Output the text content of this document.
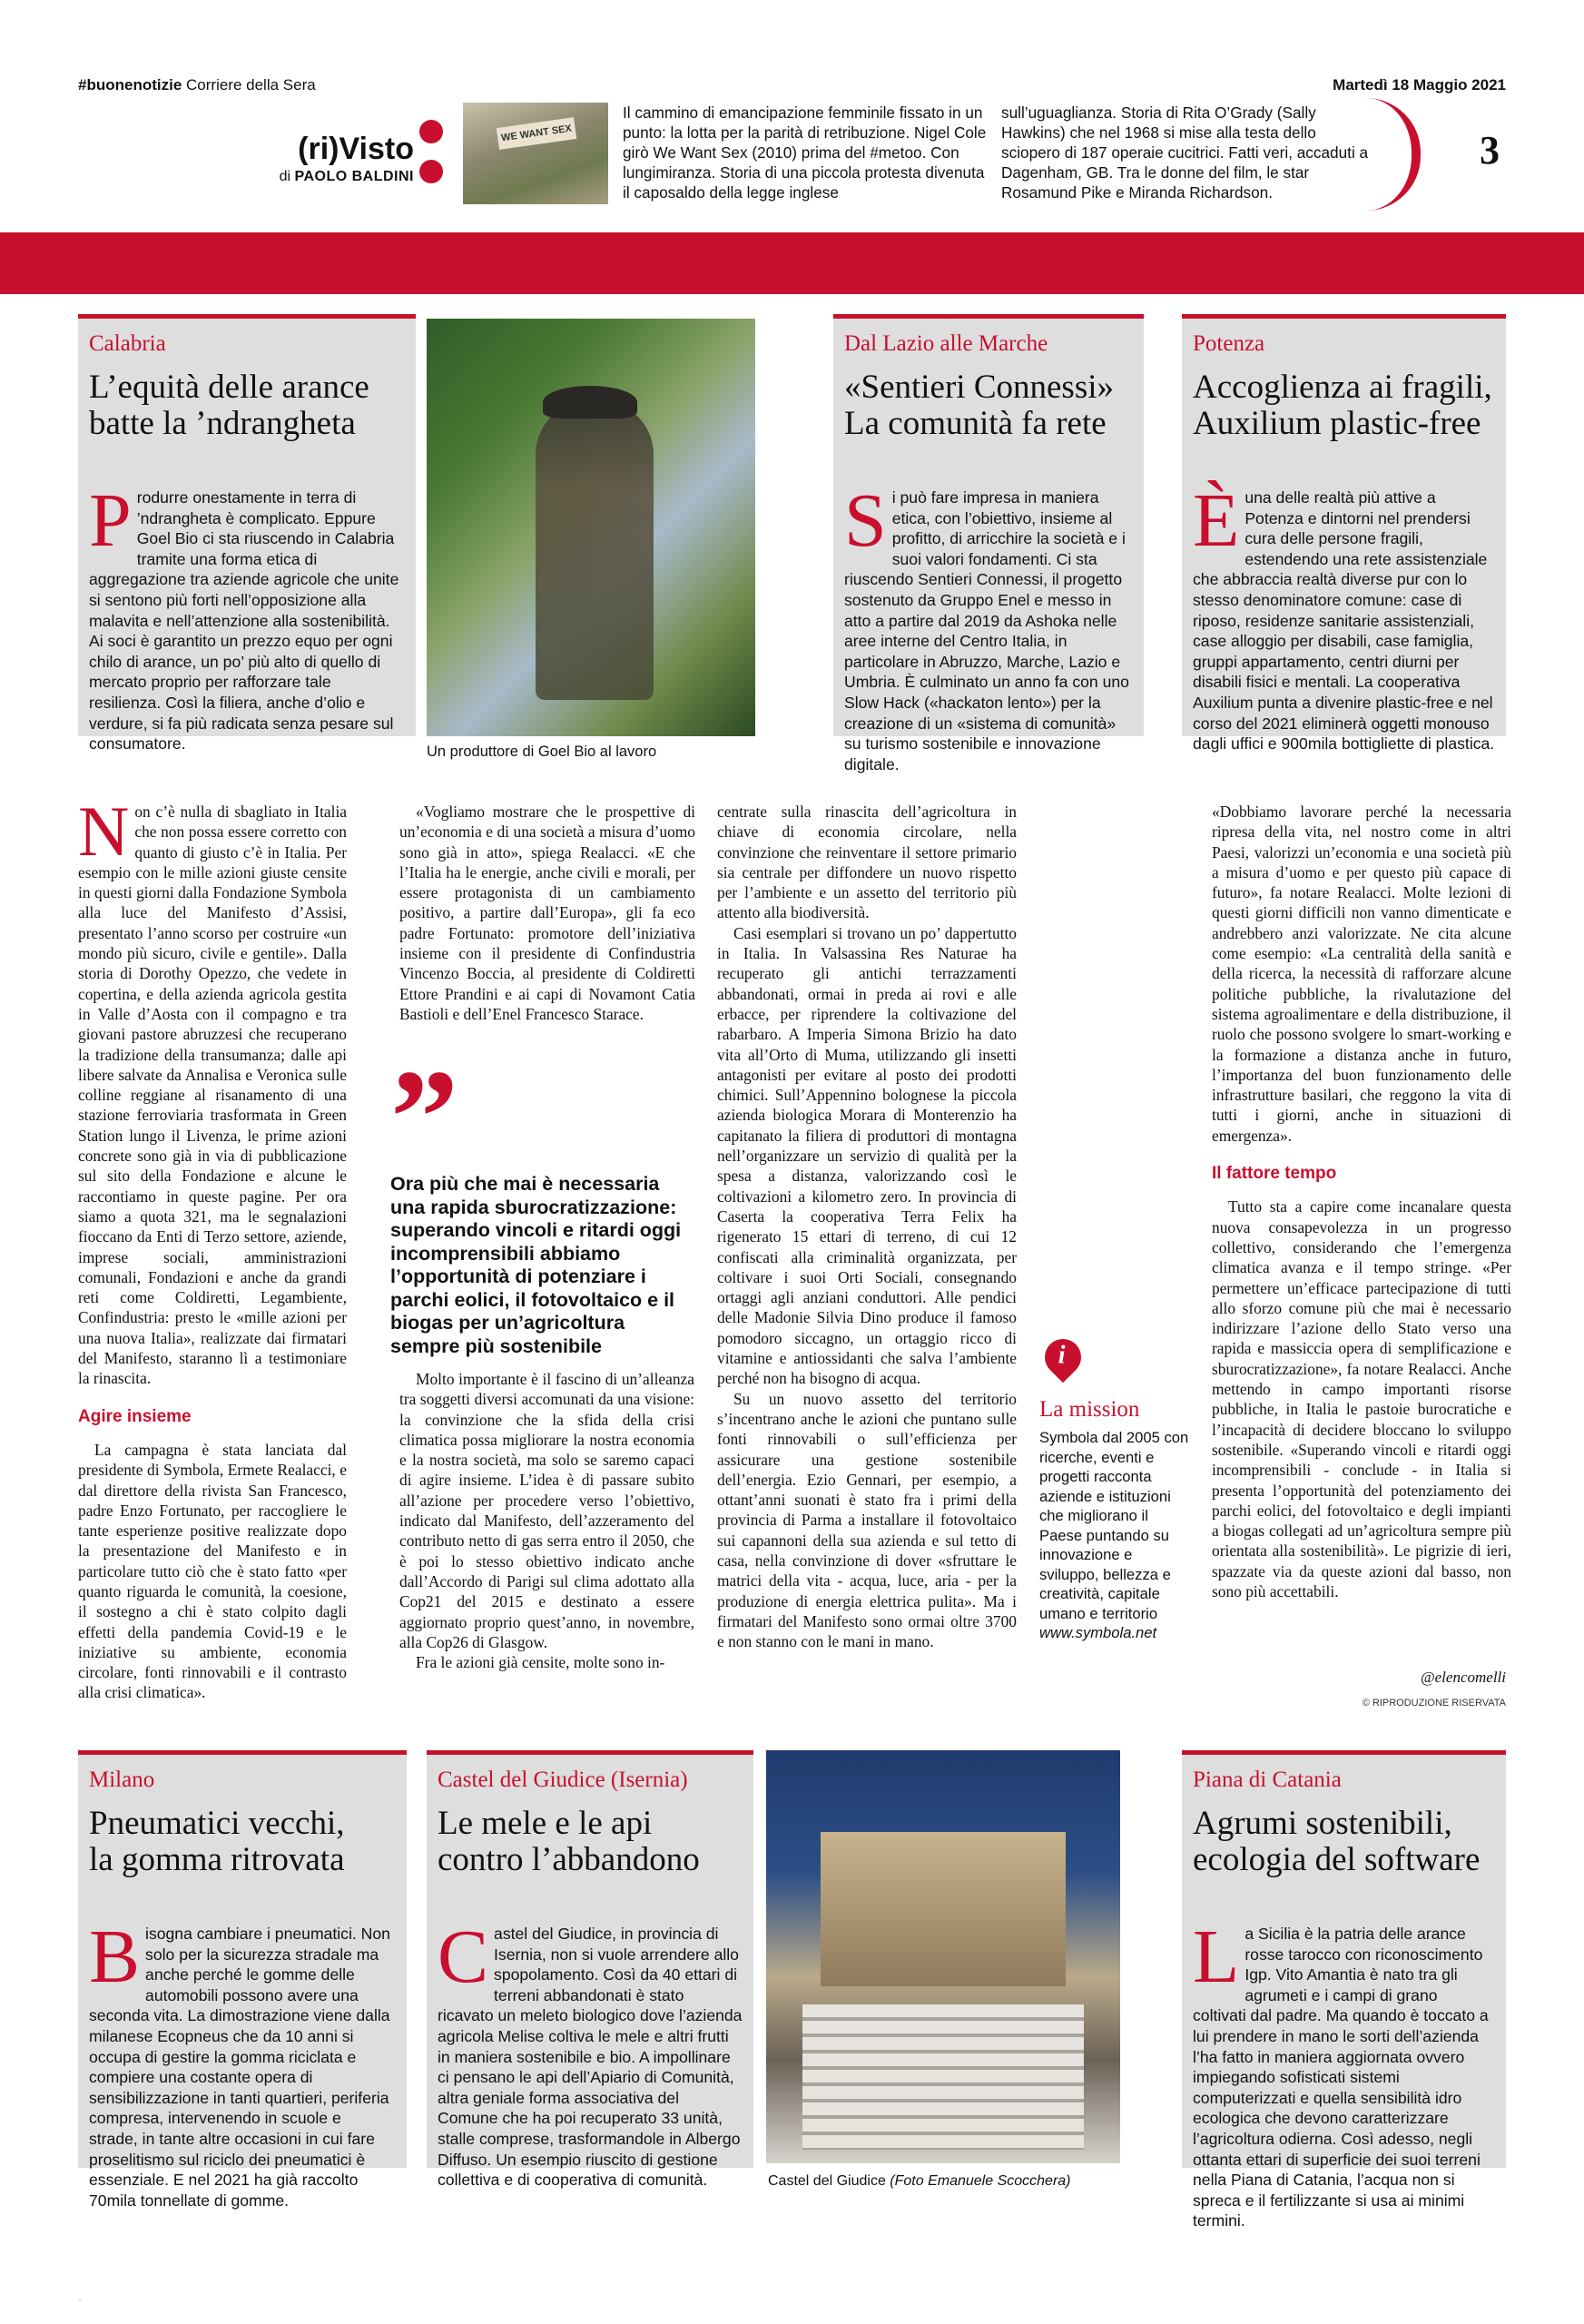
#buonenotizie Corriere della Sera	Martedì 18 Maggio 2021
(ri)Visto
di PAOLO BALDINI
WE WANT SEX
Il cammino di emancipazione femminile fissato in un punto: la lotta per la parità di retribuzione. Nigel Cole girò We Want Sex (2010) prima del #metoo. Con lungimiranza. Storia di una piccola protesta divenuta il caposaldo della legge inglese
sull’uguaglianza. Storia di Rita O’Grady (Sally Hawkins) che nel 1968 si mise alla testa dello sciopero di 187 operaie cucitrici. Fatti veri, accaduti a Dagenham, GB. Tra le donne del film, le star Rosamund Pike e Miranda Richardson.
3
Calabria
L’equità delle arance
batte la ’ndrangheta
Produrre onestamente in terra di ’ndrangheta è complicato. Eppure Goel Bio ci sta riuscendo in Calabria tramite una forma etica di aggregazione tra aziende agricole che unite si sentono più forti nell’opposizione alla malavita e nell’attenzione alla sostenibilità. Ai soci è garantito un prezzo equo per ogni chilo di arance, un po’ più alto di quello di mercato proprio per rafforzare tale resilienza. Così la filiera, anche d’olio e verdure, si fa più radicata senza pesare sul consumatore.	Un produttore di Goel Bio al lavoro
Dal Lazio alle Marche
«Sentieri Connessi»
La comunità fa rete
Si può fare impresa in maniera etica, con l’obiettivo, insieme al profitto, di arricchire la società e i suoi valori fondamenti. Ci sta riuscendo Sentieri Connessi, il progetto sostenuto da Gruppo Enel e messo in atto a partire dal 2019 da Ashoka nelle aree interne del Centro Italia, in particolare in Abruzzo, Marche, Lazio e Umbria. È culminato un anno fa con uno Slow Hack («hackaton lento») per la creazione di un «sistema di comunità» su turismo sostenibile e innovazione digitale.
Potenza
Accoglienza ai fragili,
Auxilium plastic-free
È una delle realtà più attive a Potenza e dintorni nel prendersi cura delle persone fragili, estendendo una rete assistenziale che abbraccia realtà diverse pur con lo stesso denominatore comune: case di riposo, residenze sanitarie assistenziali, case alloggio per disabili, case famiglia, gruppi appartamento, centri diurni per disabili fisici e mentali. La cooperativa Auxilium punta a divenire plastic-free e nel corso del 2021 eliminerà oggetti monouso dagli uffici e 900mila bottigliette di plastica.

Non c’è nulla di sbagliato in Italia che non possa essere corretto con quanto di giusto c’è in Italia. Per esempio con le mille azioni giuste censite in questi giorni dalla Fondazione Symbola alla luce del Manifesto d’Assisi, presentato l’anno scorso per costruire «un mondo più sicuro, civile e gentile». Dalla storia di Dorothy Opezzo, che vedete in copertina, e della azienda agricola gestita in Valle d’Aosta con il compagno e tra giovani pastore abruzzesi che recuperano la tradizione della transumanza; dalle api libere salvate da Annalisa e Veronica sulle colline reggiane al risanamento di una stazione ferroviaria trasformata in Green Station lungo il Livenza, le prime azioni concrete sono già in via di pubblicazione sul sito della Fondazione e alcune le raccontiamo in queste pagine. Per ora siamo a quota 321, ma le segnalazioni fioccano da Enti di Terzo settore, aziende, imprese sociali, amministrazioni comunali, Fondazioni e anche da grandi reti come Coldiretti, Legambiente, Confindustria: presto le «mille azioni per una nuova Italia», realizzate dai firmatari del Manifesto, staranno lì a testimoniare la rinascita.

Agire insieme

La campagna è stata lanciata dal presidente di Symbola, Ermete Realacci, e dal direttore della rivista San Francesco, padre Enzo Fortunato, per raccogliere le tante esperienze positive realizzate dopo la presentazione del Manifesto e in particolare tutto ciò che è stato fatto «per quanto riguarda le comunità, la coesione, il sostegno a chi è stato colpito dagli effetti della pandemia Covid-19 e le iniziative su ambiente, economia circolare, fonti rinnovabili e il contrasto alla crisi climatica».

«Vogliamo mostrare che le prospettive di un’economia e di una società a misura d’uomo sono già in atto», spiega Realacci. «E che l’Italia ha le energie, anche civili e morali, per essere protagonista di un cambiamento positivo, a partire dall’Europa», gli fa eco padre Fortunato: promotore dell’iniziativa insieme con il presidente di Confindustria Vincenzo Boccia, al presidente di Coldiretti Ettore Prandini e ai capi di Novamont Catia Bastioli e dell’Enel Francesco Starace.

”
Ora più che mai è necessaria una rapida sburocratizzazione: superando vincoli e ritardi oggi incomprensibili abbiamo l’opportunità di potenziare i parchi eolici, il fotovoltaico e il biogas per un’agricoltura sempre più sostenibile

Molto importante è il fascino di un’alleanza tra soggetti diversi accomunati da una visione: la convinzione che la sfida della crisi climatica possa migliorare la nostra economia e la nostra società, ma solo se saremo capaci di agire insieme. L’idea è di passare subito all’azione per procedere verso l’obiettivo, indicato dal Manifesto, dell’azzeramento del contributo netto di gas serra entro il 2050, che è poi lo stesso obiettivo indicato anche dall’Accordo di Parigi sul clima adottato alla Cop21 del 2015 e destinato a essere aggiornato proprio quest’anno, in novembre, alla Cop26 di Glasgow.

Fra le azioni già censite, molte sono in-

centrate sulla rinascita dell’agricoltura in chiave di economia circolare, nella convinzione che reinventare il settore primario sia centrale per diffondere un nuovo rispetto per l’ambiente e un assetto del territorio più attento alla biodiversità.

Casi esemplari si trovano un po’ dappertutto in Italia. In Valsassina Res Naturae ha recuperato gli antichi terrazzamenti abbandonati, ormai in preda ai rovi e alle erbacce, per riprendere la coltivazione del rabarbaro. A Imperia Simona Brizio ha dato vita all’Orto di Muma, utilizzando gli insetti antagonisti per evitare al posto dei prodotti chimici. Sull’Appennino bolognese la piccola azienda biologica Morara di Monterenzio ha capitanato la filiera di produttori di montagna nell’organizzare un servizio di qualità per la spesa a distanza, valorizzando così le coltivazioni a kilometro zero. In provincia di Caserta la cooperativa Terra Felix ha rigenerato 15 ettari di terreno, di cui 12 confiscati alla criminalità organizzata, per coltivare i suoi Orti Sociali, consegnando ortaggi agli anziani conduttori. Alle pendici delle Madonie Silvia Dino produce il famoso pomodoro siccagno, un ortaggio ricco di vitamine e antiossidanti che salva l’ambiente perché non ha bisogno di acqua.

Su un nuovo assetto del territorio s’incentrano anche le azioni che puntano sulle fonti rinnovabili o sull’efficienza per assicurare una gestione sostenibile dell’energia. Ezio Gennari, per esempio, a ottant’anni suonati è stato fra i primi della provincia di Parma a installare il fotovoltaico sui capannoni della sua azienda e sul tetto di casa, nella convinzione di dover «sfruttare le matrici della vita - acqua, luce, aria - per la produzione di energia elettrica pulita». Ma i firmatari del Manifesto sono ormai oltre 3700 e non stanno con le mani in mano.

i
La mission
Symbola dal 2005 con ricerche, eventi e progetti racconta aziende e istituzioni che migliorano il Paese puntando su innovazione e sviluppo, bellezza e creatività, capitale umano e territorio www.symbola.net

«Dobbiamo lavorare perché la necessaria ripresa della vita, nel nostro come in altri Paesi, valorizzi un’economia e una società più a misura d’uomo e per questo più capace di futuro», fa notare Realacci. Molte lezioni di questi giorni difficili non vanno dimenticate e andrebbero anzi valorizzate. Ne cita alcune come esempio: «La centralità della sanità e della ricerca, la necessità di rafforzare alcune politiche pubbliche, la rivalutazione del sistema agroalimentare e della distribuzione, il ruolo che possono svolgere lo smart-working e la formazione a distanza anche in futuro, l’importanza del buon funzionamento delle infrastrutture basilari, che reggono la vita di tutti i giorni, anche in situazioni di emergenza».

Il fattore tempo

Tutto sta a capire come incanalare questa nuova consapevolezza in un progresso collettivo, considerando che l’emergenza climatica avanza e il tempo stringe. «Per permettere un’efficace partecipazione di tutti allo sforzo comune più che mai è necessario indirizzare l’azione dello Stato verso una rapida e massiccia opera di semplificazione e sburocratizzazione», fa notare Realacci. Anche mettendo in campo importanti risorse pubbliche, in Italia le pastoie burocratiche e l’incapacità di decidere bloccano lo sviluppo sostenibile. «Superando vincoli e ritardi oggi incomprensibili - conclude - in Italia si presenta l’opportunità del potenziamento dei parchi eolici, del fotovoltaico e degli impianti a biogas collegati ad un’agricoltura sempre più orientata alla sostenibilità». Le pigrizie di ieri, spazzate via da queste azioni dal basso, non sono più accettabili.

@elencomelli
© RIPRODUZIONE RISERVATA
Milano
Pneumatici vecchi,
la gomma ritrovata
Bisogna cambiare i pneumatici. Non solo per la sicurezza stradale ma anche perché le gomme delle automobili possono avere una seconda vita. La dimostrazione viene dalla milanese Ecopneus che da 10 anni si occupa di gestire la gomma riciclata e compiere una costante opera di sensibilizzazione in tanti quartieri, periferia compresa, intervenendo in scuole e strade, in tante altre occasioni in cui fare proselitismo sul riciclo dei pneumatici è essenziale. E nel 2021 ha già raccolto 70mila tonnellate di gomme.
Castel del Giudice (Isernia)
Le mele e le api
contro l’abbandono
Castel del Giudice, in provincia di Isernia, non si vuole arrendere allo spopolamento. Così da 40 ettari di terreni abbandonati è stato ricavato un meleto biologico dove l’azienda agricola Melise coltiva le mele e altri frutti in maniera sostenibile e bio. A impollinare ci pensano le api dell’Apiario di Comunità, altra geniale forma associativa del Comune che ha poi recuperato 33 unità, stalle comprese, trasformandole in Albergo Diffuso. Un esempio riuscito di gestione collettiva e di cooperativa di comunità.	Castel del Giudice (Foto Emanuele Scocchera)
Piana di Catania
Agrumi sostenibili,
ecologia del software
La Sicilia è la patria delle arance rosse tarocco con riconoscimento Igp. Vito Amantia è nato tra gli agrumeti e i campi di grano coltivati dal padre. Ma quando è toccato a lui prendere in mano le sorti dell’azienda l’ha fatto in maniera aggiornata ovvero impiegando sofisticati sistemi computerizzati e quella sensibilità idro ecologica che devono caratterizzare l’agricoltura odierna. Così adesso, negli ottanta ettari di superficie dei suoi terreni nella Piana di Catania, l’acqua non si spreca e il fertilizzante si usa ai minimi termini.
—
